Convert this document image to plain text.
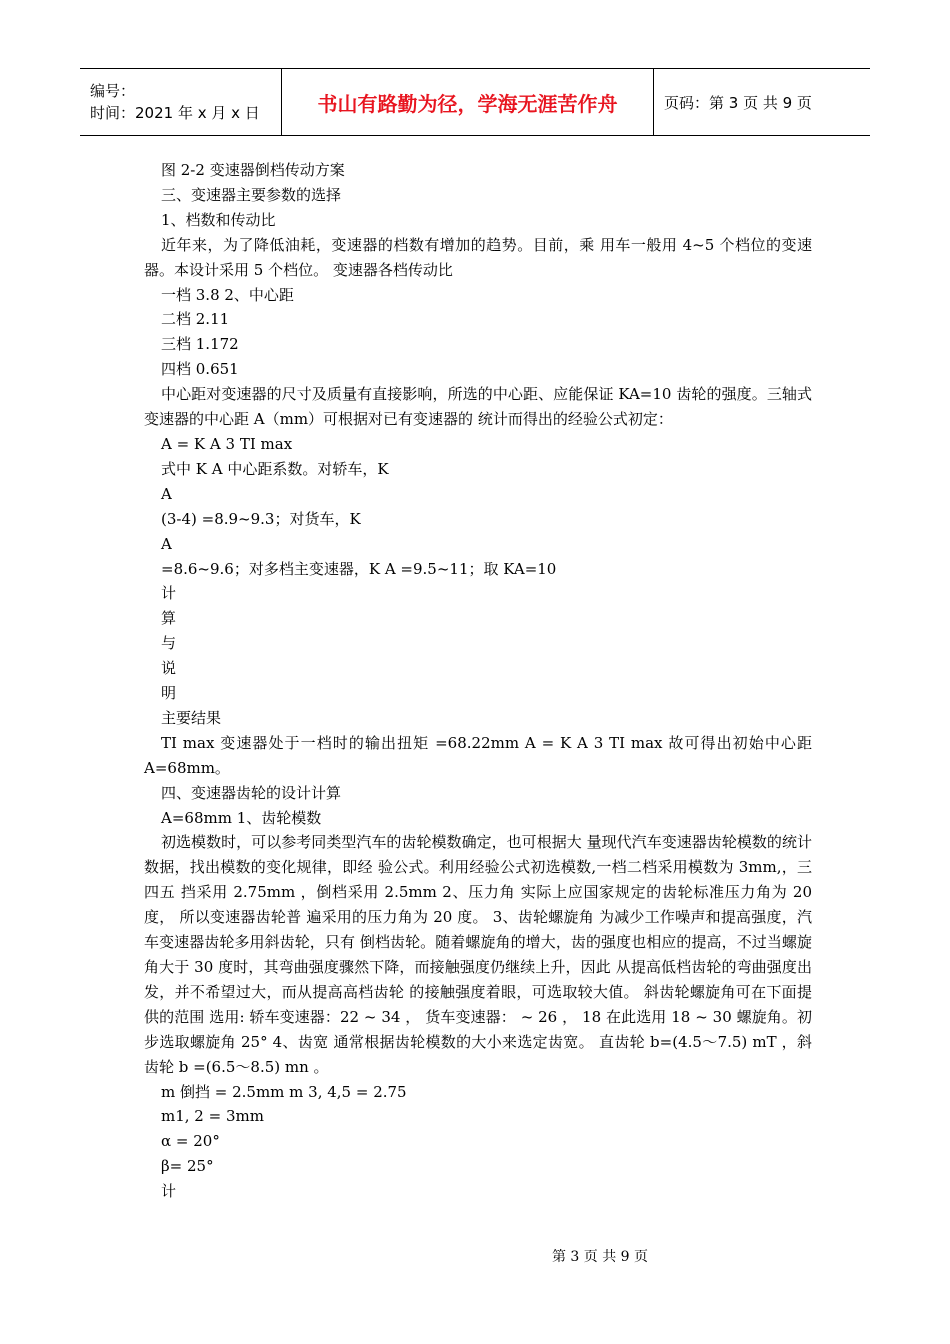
编号：
时间：2021 年 x 月 x 日	书山有路勤为径，学海无涯苦作舟	页码：第 3 页 共 9 页
图 2-2 变速器倒档传动方案
三、变速器主要参数的选择
1、档数和传动比
近年来，为了降低油耗，变速器的档数有增加的趋势。目前，乘 用车一般用 4~5 个档位的变速器。本设计采用 5 个档位。 变速器各档传动比
一档 3.8 2、中心距
二档 2.11
三档 1.172
四档 0.651
中心距对变速器的尺寸及质量有直接影响，所选的中心距、应能保证 KA=10 齿轮的强度。三轴式变速器的中心距 A（mm）可根据对已有变速器的 统计而得出的经验公式初定：
A = K A 3 TI max
式中 K A 中心距系数。对轿车，K
A
(3-4) =8.9~9.3；对货车，K
A
=8.6~9.6；对多档主变速器，K A =9.5~11；取 KA=10
计
算
与
说
明
主要结果
TI max 变速器处于一档时的输出扭矩 =68.22mm A = K A 3 TI max 故可得出初始中心距 A=68mm。
四、变速器齿轮的设计计算
A=68mm 1、齿轮模数
初选模数时，可以参考同类型汽车的齿轮模数确定，也可根据大 量现代汽车变速器齿轮模数的统计数据，找出模数的变化规律，即经 验公式。利用经验公式初选模数,一档二档采用模数为 3mm,，三四五 挡采用 2.75mm ，倒档采用 2.5mm 2、压力角 实际上应国家规定的齿轮标准压力角为 20 度， 所以变速器齿轮普 遍采用的压力角为 20 度。 3、齿轮螺旋角 为减少工作噪声和提高强度，汽车变速器齿轮多用斜齿轮，只有 倒档齿轮。随着螺旋角的增大，齿的强度也相应的提高，不过当螺旋 角大于 30 度时，其弯曲强度骤然下降，而接触强度仍继续上升，因此 从提高低档齿轮的弯曲强度出发，并不希望过大，而从提高高档齿轮 的接触强度着眼，可选取较大值。 斜齿轮螺旋角可在下面提供的范围 选用: 轿车变速器：22 ~ 34 ， 货车变速器： ~ 26 ， 18 在此选用 18 ~ 30 螺旋角。初步选取螺旋角 25° 4、齿宽 通常根据齿轮模数的大小来选定齿宽。 直齿轮 b=(4.5～7.5) mT ，斜齿轮 b =(6.5～8.5) mn 。
m 倒挡 = 2.5mm m 3, 4,5 = 2.75
m1, 2 = 3mm
α = 20°
β= 25°
计
第 3 页 共 9 页
